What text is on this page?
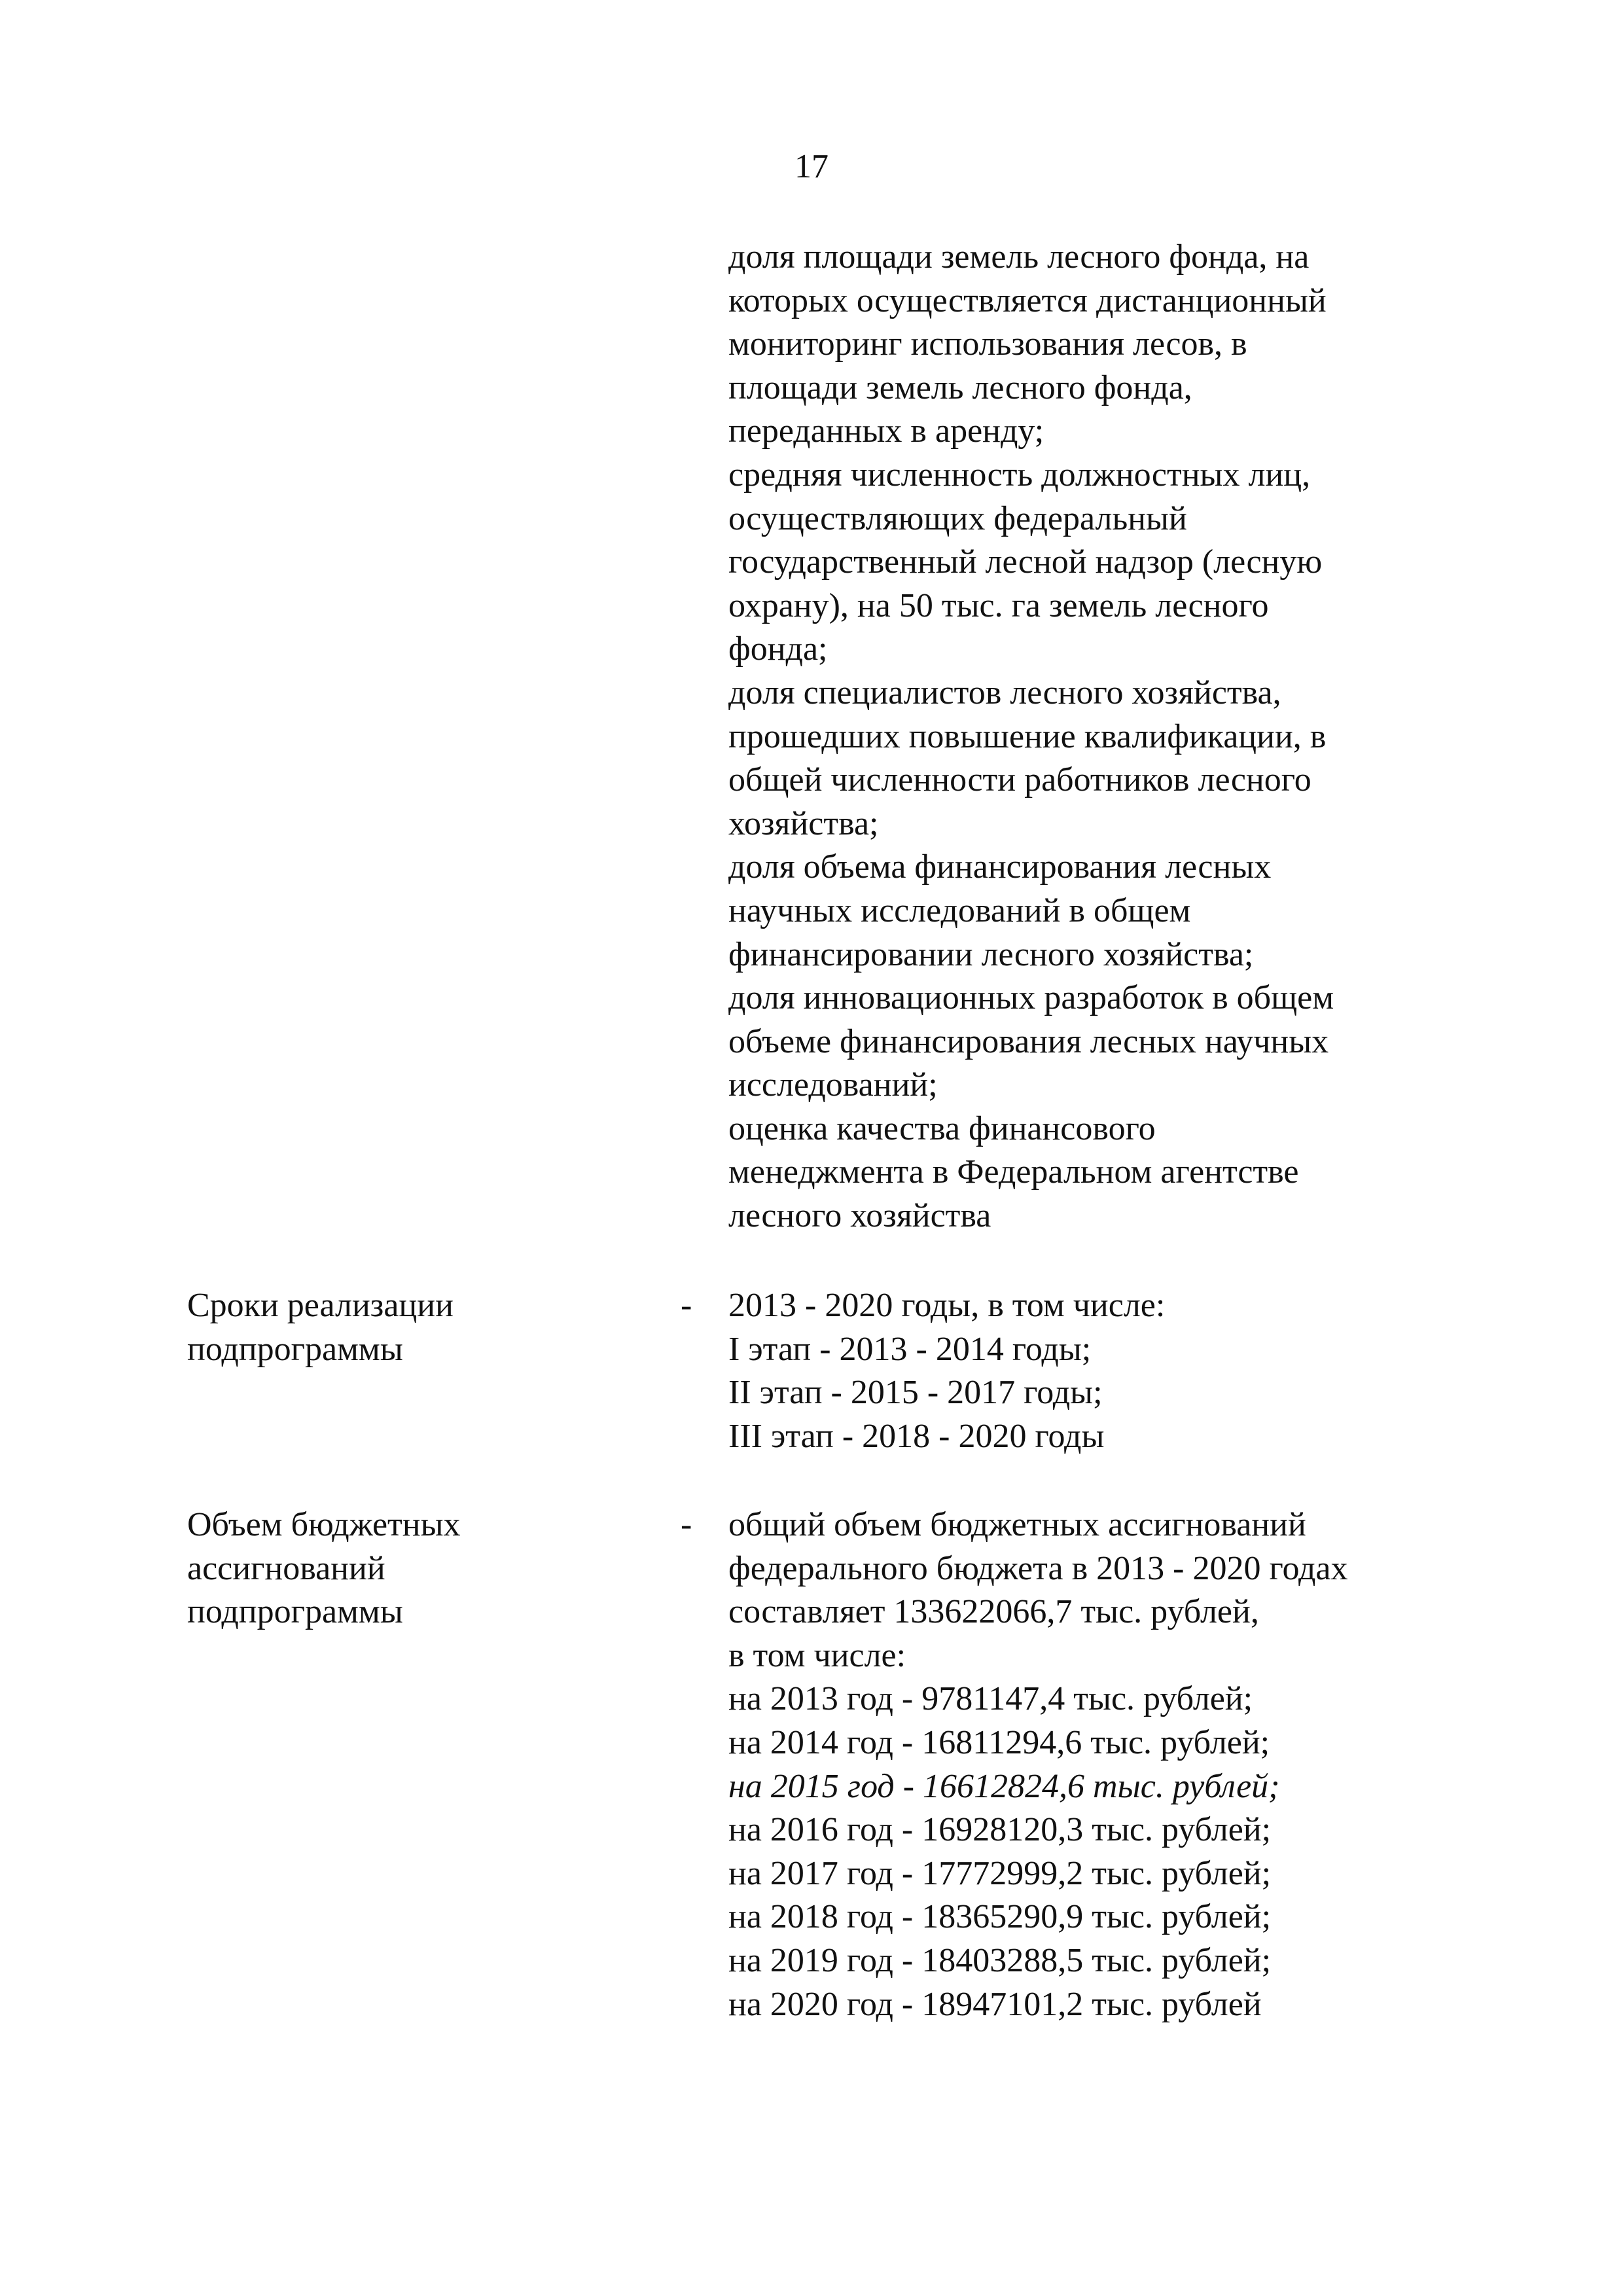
17
доля площади земель лесного фонда, на
которых осуществляется дистанционный
мониторинг использования лесов, в
площади земель лесного фонда,
переданных в аренду;
средняя численность должностных лиц,
осуществляющих федеральный
государственный лесной надзор (лесную
охрану), на 50 тыс. га земель лесного
фонда;
доля специалистов лесного хозяйства,
прошедших повышение квалификации, в
общей численности работников лесного
хозяйства;
доля объема финансирования лесных
научных исследований в общем
финансировании лесного хозяйства;
доля инновационных разработок в общем
объеме финансирования лесных научных
исследований;
оценка качества финансового
менеджмента в Федеральном агентстве
лесного хозяйства
Сроки реализации
подпрограммы
- 2013 - 2020 годы, в том числе:
I этап - 2013 - 2014 годы;
II этап - 2015 - 2017 годы;
III этап - 2018 - 2020 годы
Объем бюджетных
ассигнований
подпрограммы
- общий объем бюджетных ассигнований
федерального бюджета в 2013 - 2020 годах
составляет 133622066,7 тыс. рублей,
в том числе:
на 2013 год - 9781147,4 тыс. рублей;
на 2014 год - 16811294,6 тыс. рублей;
на 2015 год - 16612824,6 тыс. рублей;
на 2016 год - 16928120,3 тыс. рублей;
на 2017 год - 17772999,2 тыс. рублей;
на 2018 год - 18365290,9 тыс. рублей;
на 2019 год - 18403288,5 тыс. рублей;
на 2020 год - 18947101,2 тыс. рублей
